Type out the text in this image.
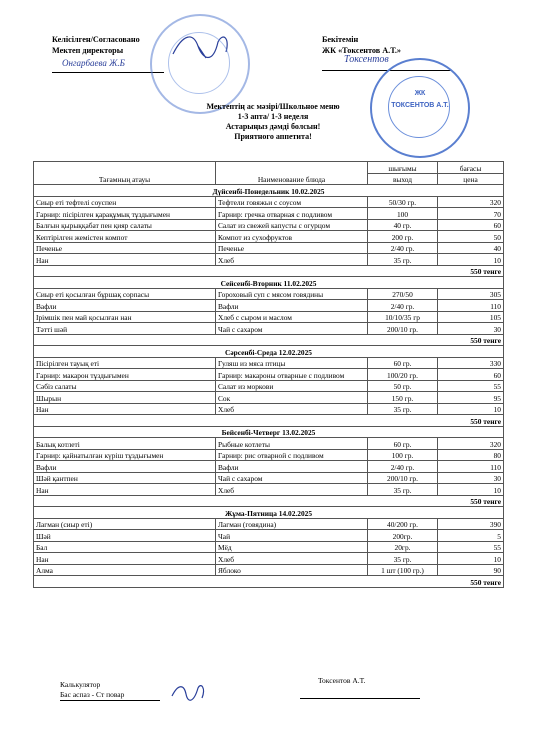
Келісілген/Согласовано
Мектеп директоры
Онгарбаева Ж.Б
Бекітемін
ЖК «Токсентов А.Т.»
Токсентов
ЖК
ТОКСЕНТОВ А.Т.
Мектептің ас мәзірі/Школьное меню
1-3 апта/ 1-3 неделя
Астарыңыз дәмді болсын!
Приятного аппетита!
Тағамның атауы	Наименование блюда	шығымы	бағасы
		выход	цена
Дүйсенбі-Понедельник 10.02.2025			
Сиыр еті тефтелі соуспен	Тефтели говяжьи с соусом	50/30 гр.	320
Гарнир: пісірілген қарақұмық тұздығымен	Гарнир: гречка отварная с подливом	100	70
Балғын қырыққабат пен қияр салаты	Салат из свежей капусты с огурцом	40 гр.	60
Кептірілген жемістен компот	Компот из сухофруктов	200 гр.	50
Печенье	Печенье	2/40 гр.	40
Нан	Хлеб	35 гр.	10
550 тенге			
Сейсенбі-Вторник 11.02.2025			
Сиыр еті қосылған бұршақ сорпасы	Гороховый суп с мясом говядины	270/50	305
Вафли	Вафли	2/40 гр.	110
Ірімшік пен май қосылған нан	Хлеб с сыром и маслом	10/10/35 гр	105
Тәтті шәй	Чай с сахаром	200/10 гр.	30
550 тенге			
Сәрсенбі-Среда 12.02.2025			
Пісірілген тауық еті	Гуляш из мяса птицы	60 гр.	330
Гарнир: макарон тұздығымен	Гарнир: макароны отварные с подливом	100/20 гр.	60
Сәбіз салаты	Салат из моркови	50 гр.	55
Шырын	Сок	150 гр.	95
Нан	Хлеб	35 гр.	10
550 тенге			
Бейсенбі-Четверг 13.02.2025			
Балық котлеті	Рыбные котлеты	60 гр.	320
Гарнир: қайнатылған күріш тұздығымен	Гарнир: рис отварной с подливом	100 гр.	80
Вафли	Вафли	2/40 гр.	110
Шәй қантпен	Чай с сахаром	200/10 гр.	30
Нан	Хлеб	35 гр.	10
550 тенге			
Жұма-Пятница 14.02.2025			
Лагман (сиыр еті)	Лагман (говядина)	40/200 гр.	390
Шәй	Чай	200гр.	5
Бал	Мёд	20гр.	55
Нан	Хлеб	35 гр.	10
Алма	Яблоко	1 шт (100 гр.)	90
550 тенге			
Калькулятор
Бас аспаз - Ст повар
Токсентов А.Т.
